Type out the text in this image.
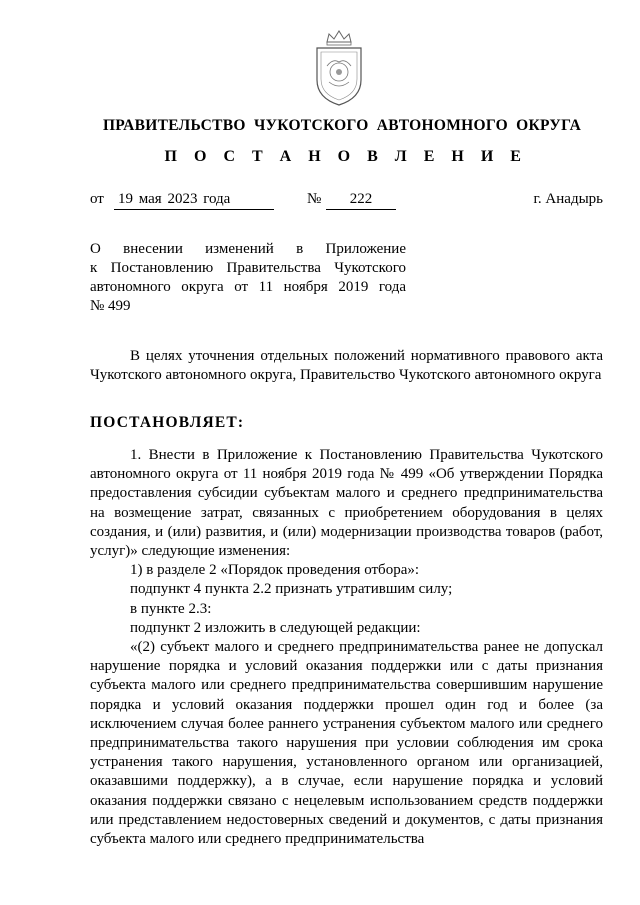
ПРАВИТЕЛЬСТВО ЧУКОТСКОГО АВТОНОМНОГО ОКРУГА
П О С Т А Н О В Л Е Н И Е
от 19 мая 2023 года	№	222	г. Анадырь
О внесении изменений в Приложение
к Постановлению Правительства Чукотского
автономного округа от 11 ноября 2019 года
№ 499

В целях уточнения отдельных положений нормативного правового акта Чукотского автономного округа, Правительство Чукотского автономного округа

ПОСТАНОВЛЯЕТ:

1. Внести в Приложение к Постановлению Правительства Чукотского автономного округа от 11 ноября 2019 года № 499 «Об утверждении Порядка предоставления субсидии субъектам малого и среднего предпринимательства на возмещение затрат, связанных с приобретением оборудования в целях создания, и (или) развития, и (или) модернизации производства товаров (работ, услуг)» следующие изменения:

1) в разделе 2 «Порядок проведения отбора»:

подпункт 4 пункта 2.2 признать утратившим силу;

в пункте 2.3:

подпункт 2 изложить в следующей редакции:

«(2) субъект малого и среднего предпринимательства ранее не допускал нарушение порядка и условий оказания поддержки или с даты признания субъекта малого или среднего предпринимательства совершившим нарушение порядка и условий оказания поддержки прошел один год и более (за исключением случая более раннего устранения субъектом малого или среднего предпринимательства такого нарушения при условии соблюдения им срока устранения такого нарушения, установленного органом или организацией, оказавшими поддержку), а в случае, если нарушение порядка и условий оказания поддержки связано с нецелевым использованием средств поддержки или представлением недостоверных сведений и документов, с даты признания субъекта малого или среднего предпринимательства
